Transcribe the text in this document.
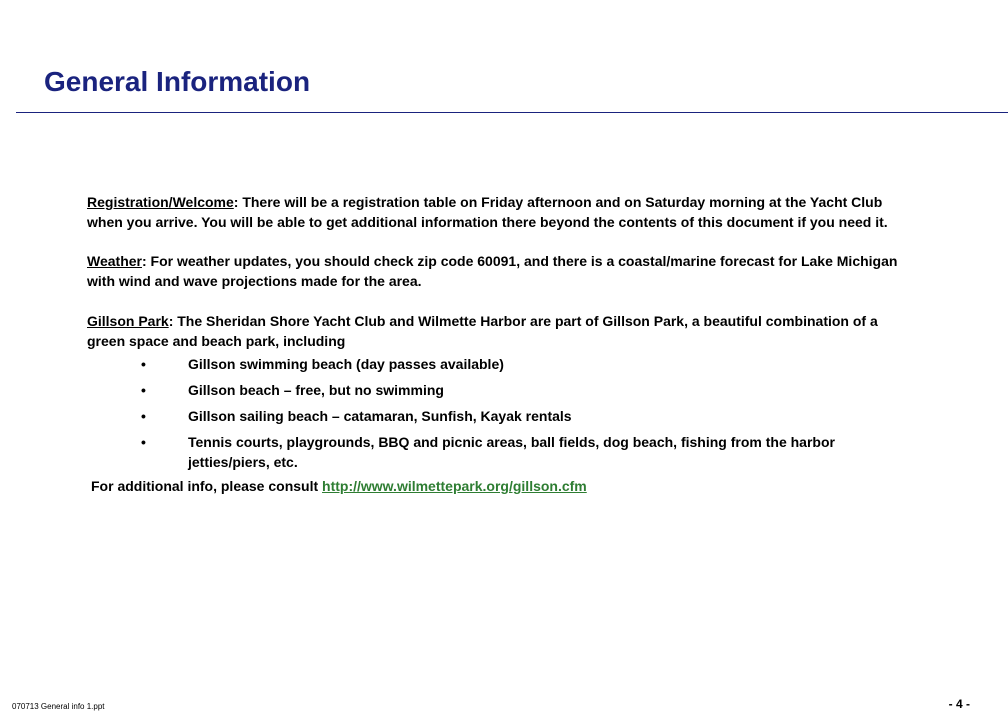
General Information

Registration/Welcome: There will be a registration table on Friday afternoon and on Saturday morning at the Yacht Club when you arrive. You will be able to get additional information there beyond the contents of this document if you need it.

Weather: For weather updates, you should check zip code 60091, and there is a coastal/marine forecast for Lake Michigan with wind and wave projections made for the area.

Gillson Park: The Sheridan Shore Yacht Club and Wilmette Harbor are part of Gillson Park, a beautiful combination of a green space and beach park, including

•	Gillson swimming beach (day passes available)
•	Gillson beach – free, but no swimming
•	Gillson sailing beach – catamaran, Sunfish, Kayak rentals
•	Tennis courts, playgrounds, BBQ and picnic areas, ball fields, dog beach, fishing from the harbor jetties/piers, etc.

For additional info, please consult http://www.wilmettepark.org/gillson.cfm

070713 General info 1.ppt	- 4 -
